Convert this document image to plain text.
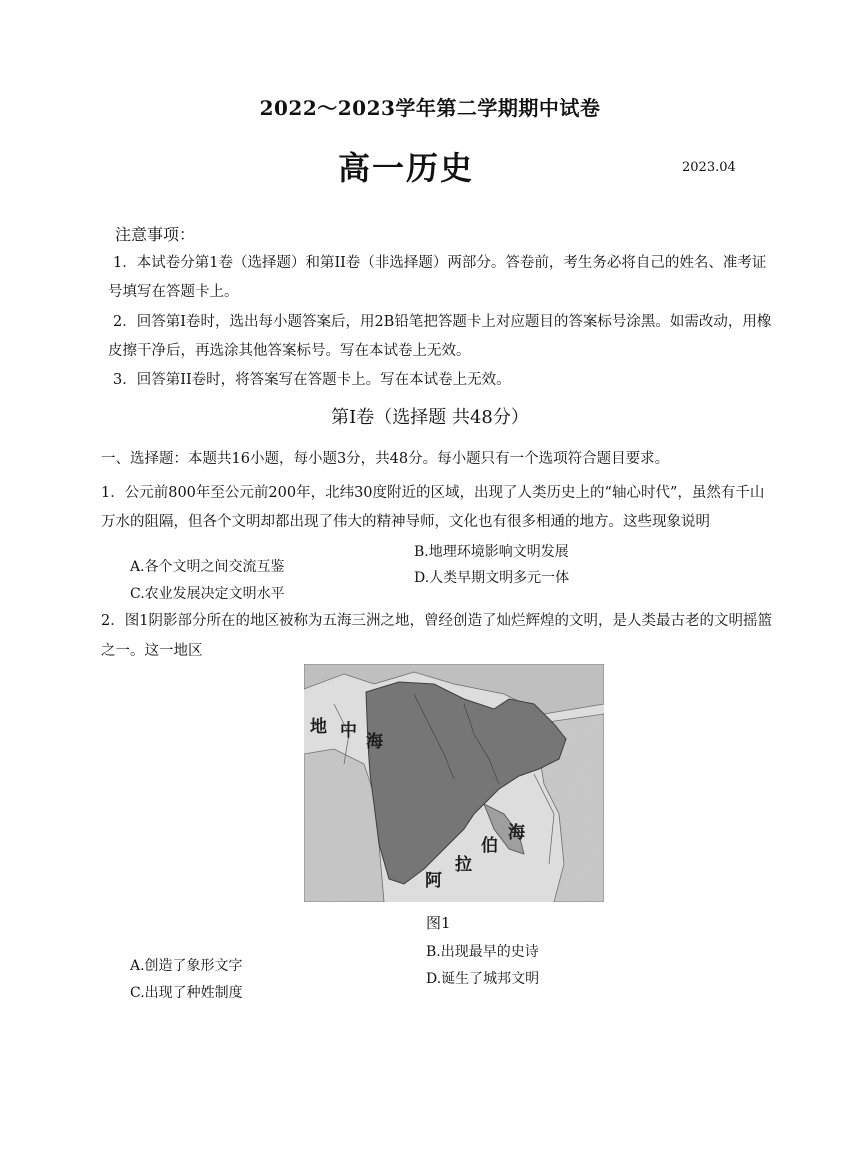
2022～2023学年第二学期期中试卷
高一历史	2023.04
注意事项：
1．本试卷分第1卷（选择题）和第II卷（非选择题）两部分。答卷前，考生务必将自己的姓名、准考证
号填写在答题卡上。
2．回答第I卷时，选出每小题答案后，用2B铅笔把答题卡上对应题目的答案标号涂黑。如需改动，用橡
皮擦干净后，再选涂其他答案标号。写在本试卷上无效。
3．回答第II卷时，将答案写在答题卡上。写在本试卷上无效。
第I卷（选择题 共48分）
一、选择题：本题共16小题，每小题3分，共48分。每小题只有一个选项符合题目要求。
1．公元前800年至公元前200年，北纬30度附近的区域，出现了人类历史上的“轴心时代”，虽然有千山
万水的阻隔，但各个文明却都出现了伟大的精神导师，文化也有很多相通的地方。这些现象说明
A.各个文明之间交流互鉴
B.地理环境影响文明发展
C.农业发展决定文明水平
D.人类早期文明多元一体
2．图1阴影部分所在的地区被称为五海三洲之地，曾经创造了灿烂辉煌的文明，是人类最古老的文明摇篮
之一。这一地区
地 中
海
海
伯
拉
阿
图1
A.创造了象形文字
B.出现最早的史诗
C.出现了种姓制度
D.诞生了城邦文明
